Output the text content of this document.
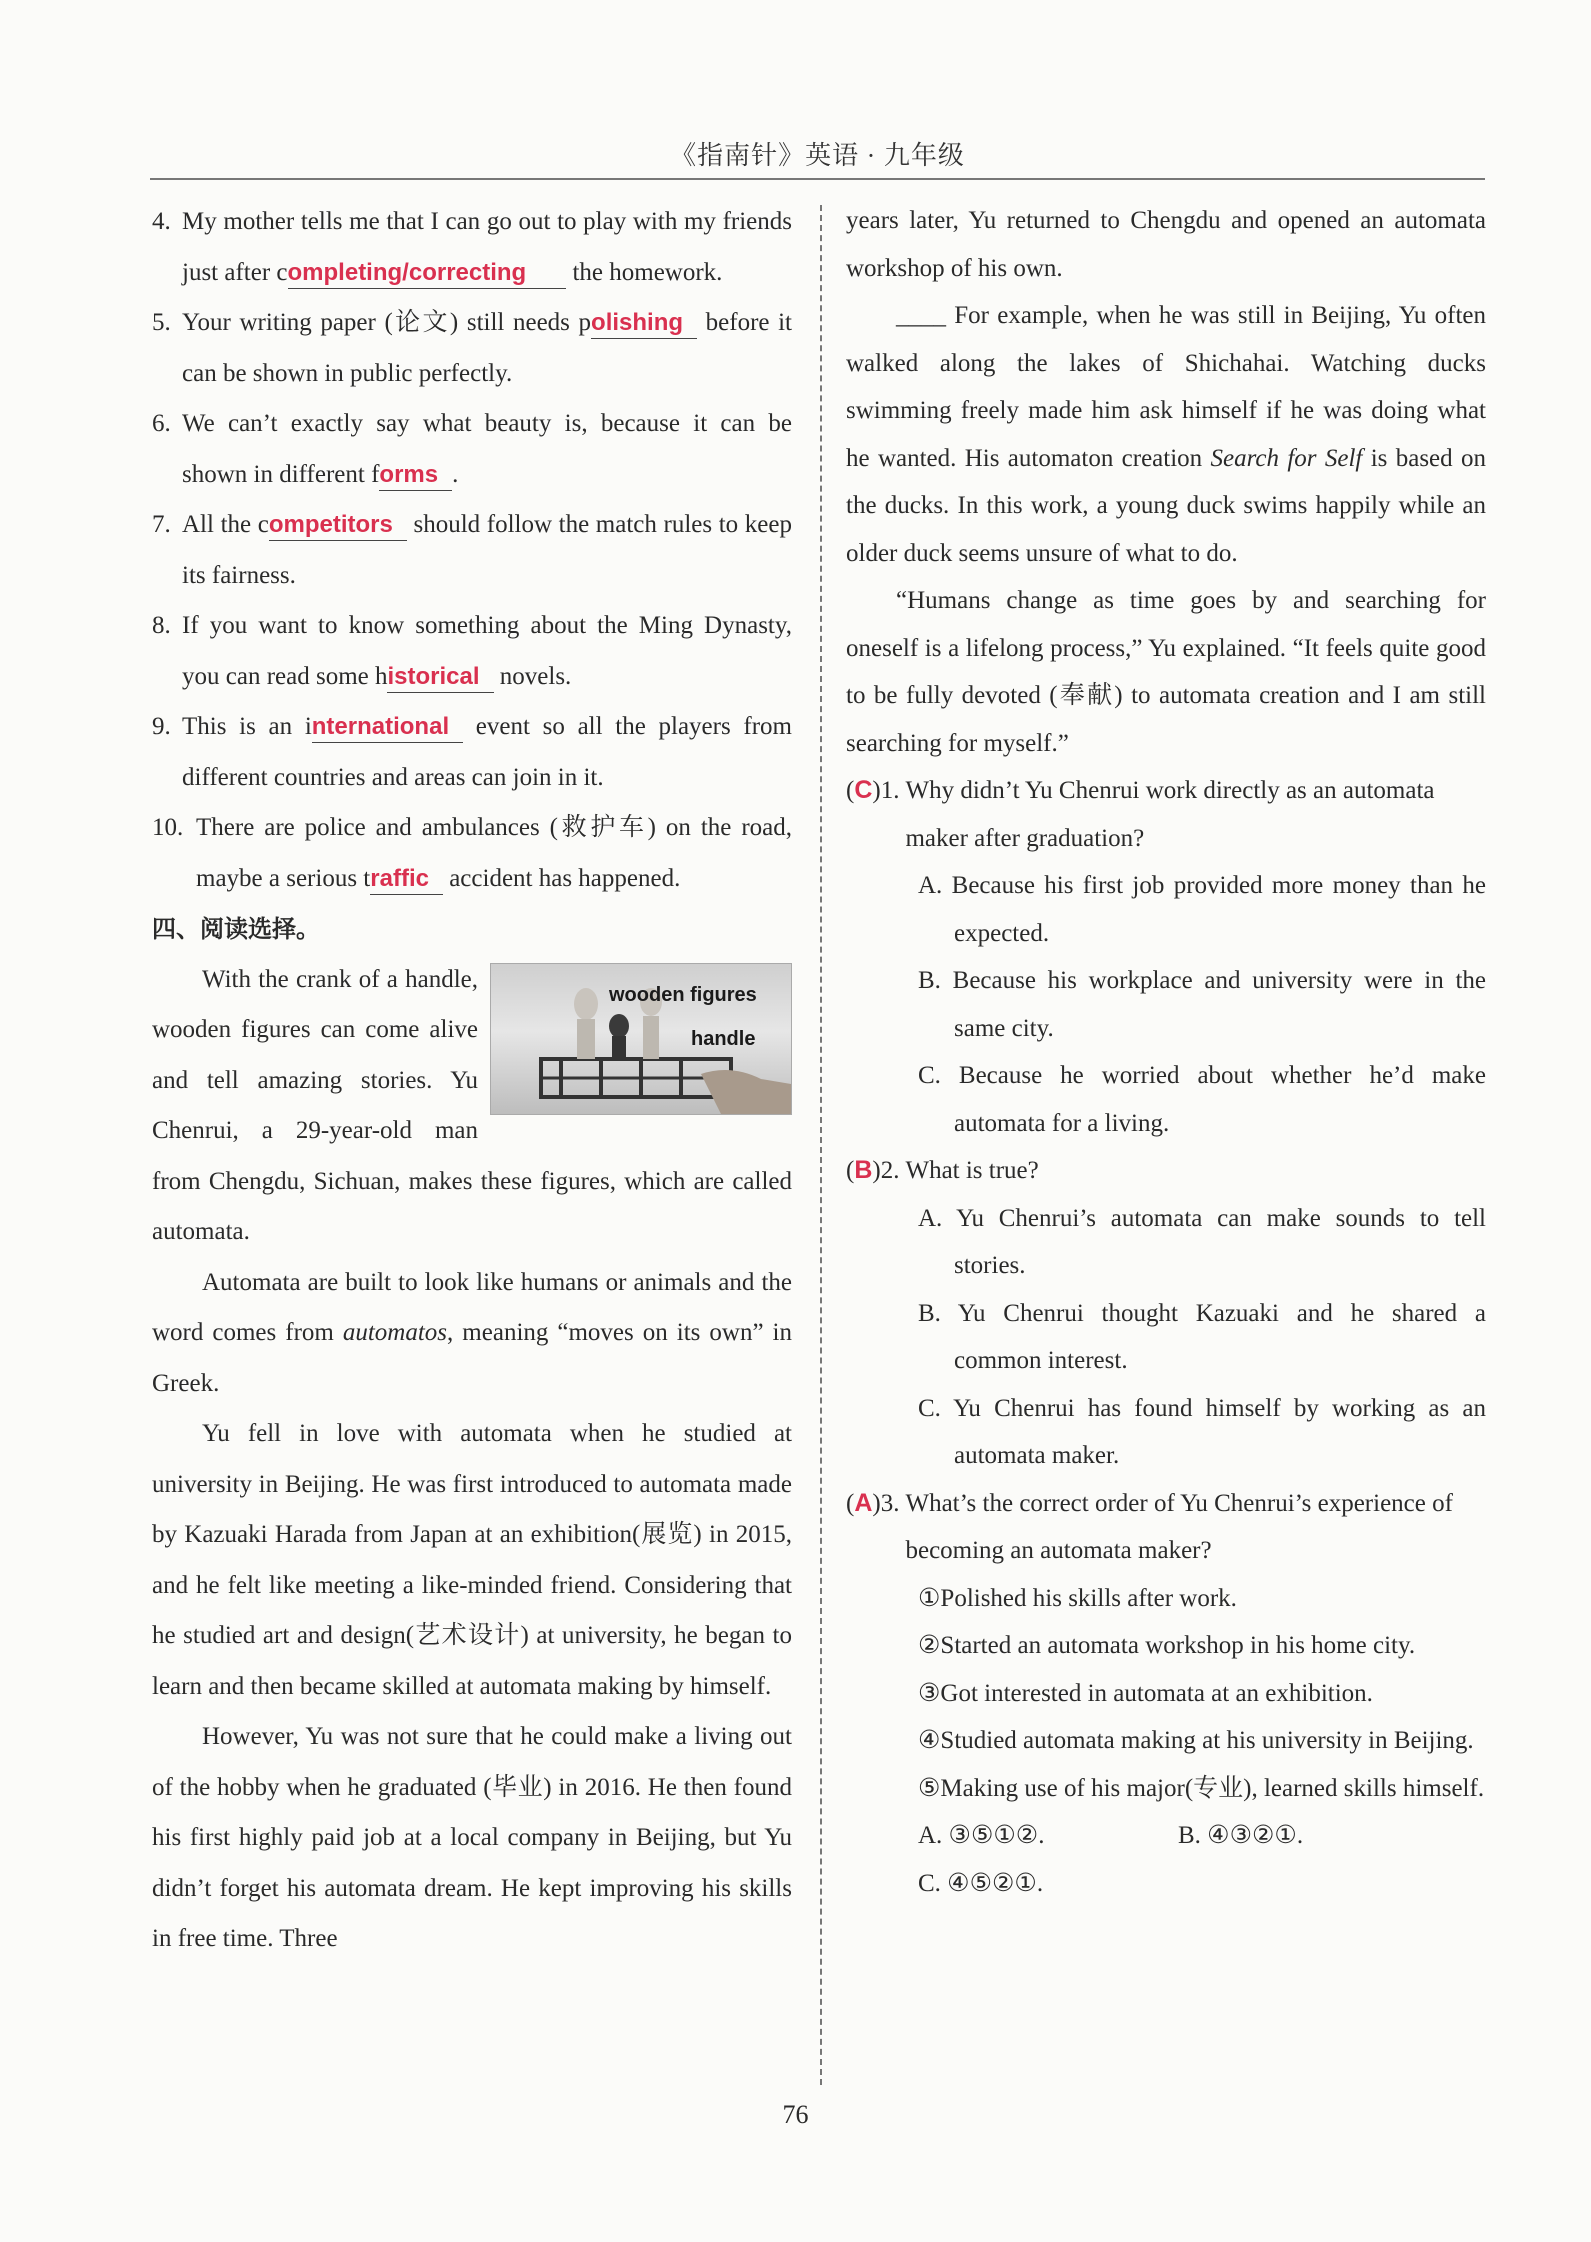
《指南针》英语 · 九年级
4. My mother tells me that I can go out to play with my friends just after completing/correcting the homework.
5. Your writing paper (论文) still needs polishing before it can be shown in public perfectly.
6. We can’t exactly say what beauty is, because it can be shown in different forms .
7. All the competitors should follow the match rules to keep its fairness.
8. If you want to know something about the Ming Dynasty, you can read some historical novels.
9. This is an international event so all the players from different countries and areas can join in it.
10. There are police and ambulances (救护车) on the road, maybe a serious traffic accident has happened.
四、阅读选择。
wooden figures
handle

With the crank of a handle, wooden figures can come alive and tell amazing stories. Yu Chenrui, a 29-year-old man from Chengdu, Sichuan, makes these figures, which are called automata.

Automata are built to look like humans or animals and the word comes from automatos, meaning “moves on its own” in Greek.

Yu fell in love with automata when he studied at university in Beijing. He was first introduced to automata made by Kazuaki Harada from Japan at an exhibition(展览) in 2015, and he felt like meeting a like-minded friend. Considering that he studied art and design(艺术设计) at university, he began to learn and then became skilled at automata making by himself.

However, Yu was not sure that he could make a living out of the hobby when he graduated (毕业) in 2016. He then found his first highly paid job at a local company in Beijing, but Yu didn’t forget his automata dream. He kept improving his skills in free time. Three

years later, Yu returned to Chengdu and opened an automata workshop of his own.

____ For example, when he was still in Beijing, Yu often walked along the lakes of Shichahai. Watching ducks swimming freely made him ask himself if he was doing what he wanted. His automaton creation Search for Self is based on the ducks. In this work, a young duck swims happily while an older duck seems unsure of what to do.

“Humans change as time goes by and searching for oneself is a lifelong process,” Yu explained. “It feels quite good to be fully devoted (奉献) to automata creation and I am still searching for myself.”

(C)1. Why didn’t Yu Chenrui work directly as an automata maker after graduation?
A. Because his first job provided more money than he expected.
B. Because his workplace and university were in the same city.
C. Because he worried about whether he’d make automata for a living.
(B)2. What is true?
A. Yu Chenrui’s automata can make sounds to tell stories.
B. Yu Chenrui thought Kazuaki and he shared a common interest.
C. Yu Chenrui has found himself by working as an automata maker.
(A)3. What’s the correct order of Yu Chenrui’s experience of becoming an automata maker?
①Polished his skills after work.
②Started an automata workshop in his home city.
③Got interested in automata at an exhibition.
④Studied automata making at his university in Beijing.
⑤Making use of his major(专业), learned skills himself.
A. ③⑤①②.	B. ④③②①.
C. ④⑤②①.
76
